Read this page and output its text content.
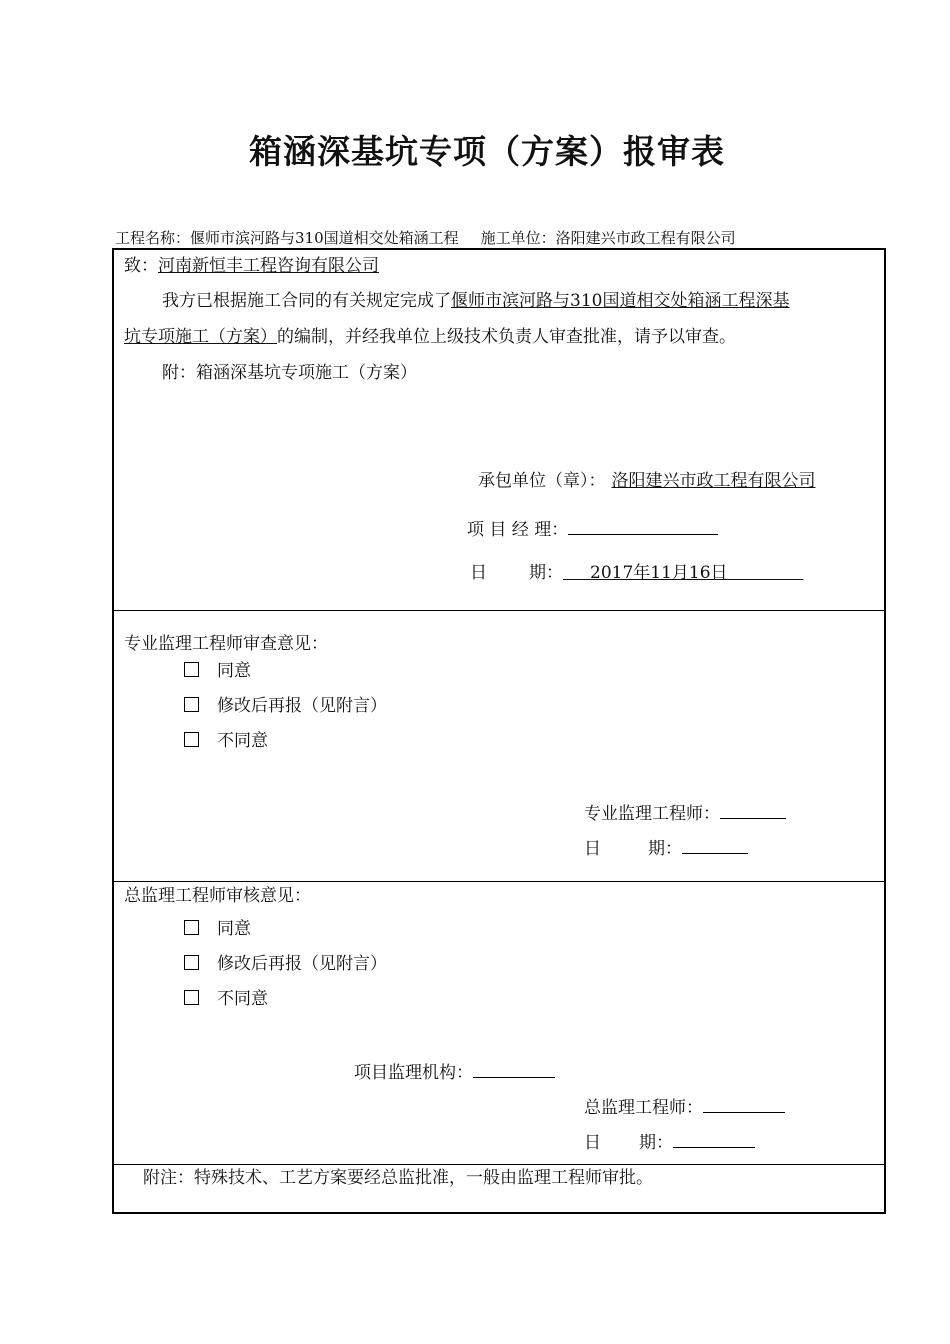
箱涵深基坑专项（方案）报审表
工程名称：偃师市滨河路与310国道相交处箱涵工程 施工单位：洛阳建兴市政工程有限公司
致：河南新恒丰工程咨询有限公司
我方已根据施工合同的有关规定完成了偃师市滨河路与310国道相交处箱涵工程深基
坑专项施工（方案）的编制，并经我单位上级技术负责人审查批准，请予以审查。
附：箱涵深基坑专项施工（方案）
承包单位（章）： 洛阳建兴市政工程有限公司
项 目 经 理：
日 期： 2017年11月16日
专业监理工程师审查意见：
同意
修改后再报（见附言）
不同意
专业监理工程师：
日	期：
总监理工程师审核意见：
同意
修改后再报（见附言）
不同意
项目监理机构：
总监理工程师：
日 期：
附注：特殊技术、工艺方案要经总监批准，一般由监理工程师审批。
